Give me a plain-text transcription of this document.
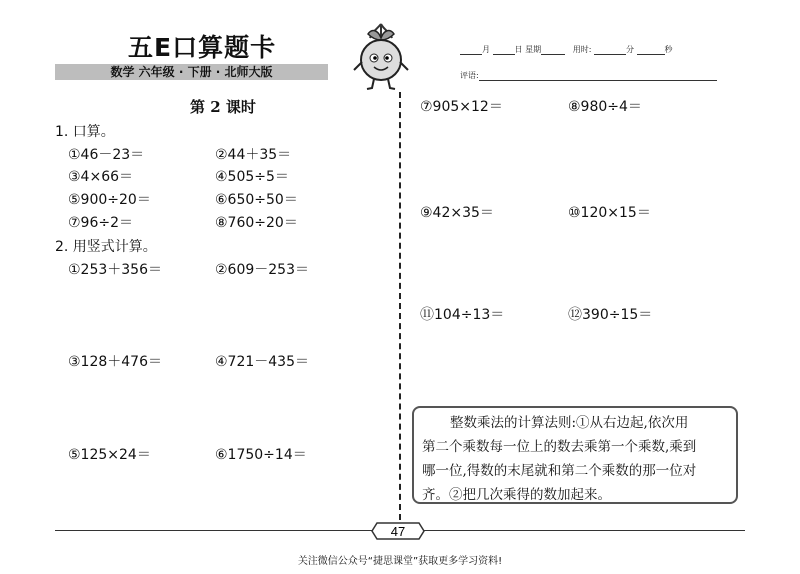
五E口算题卡
数学 六年级 · 下册 · 北师大版
月	日 星期	用时:	分	秒
评语:
第 2 课时
1. 口算。
①46－23＝	②44＋35＝
③4×66＝	④505÷5＝
⑤900÷20＝	⑥650÷50＝
⑦96÷2＝	⑧760÷20＝
2. 用竖式计算。
①253＋356＝	②609－253＝
③128＋476＝	④721－435＝
⑤125×24＝	⑥1750÷14＝
⑦905×12＝	⑧980÷4＝
⑨42×35＝	⑩120×15＝
⑪104÷13＝	⑫390÷15＝
整数乘法的计算法则:①从右边起,依次用
第二个乘数每一位上的数去乘第一个乘数,乘到
哪一位,得数的末尾就和第二个乘数的那一位对
齐。②把几次乘得的数加起来。
47
关注微信公众号“捷思课堂”获取更多学习资料!
